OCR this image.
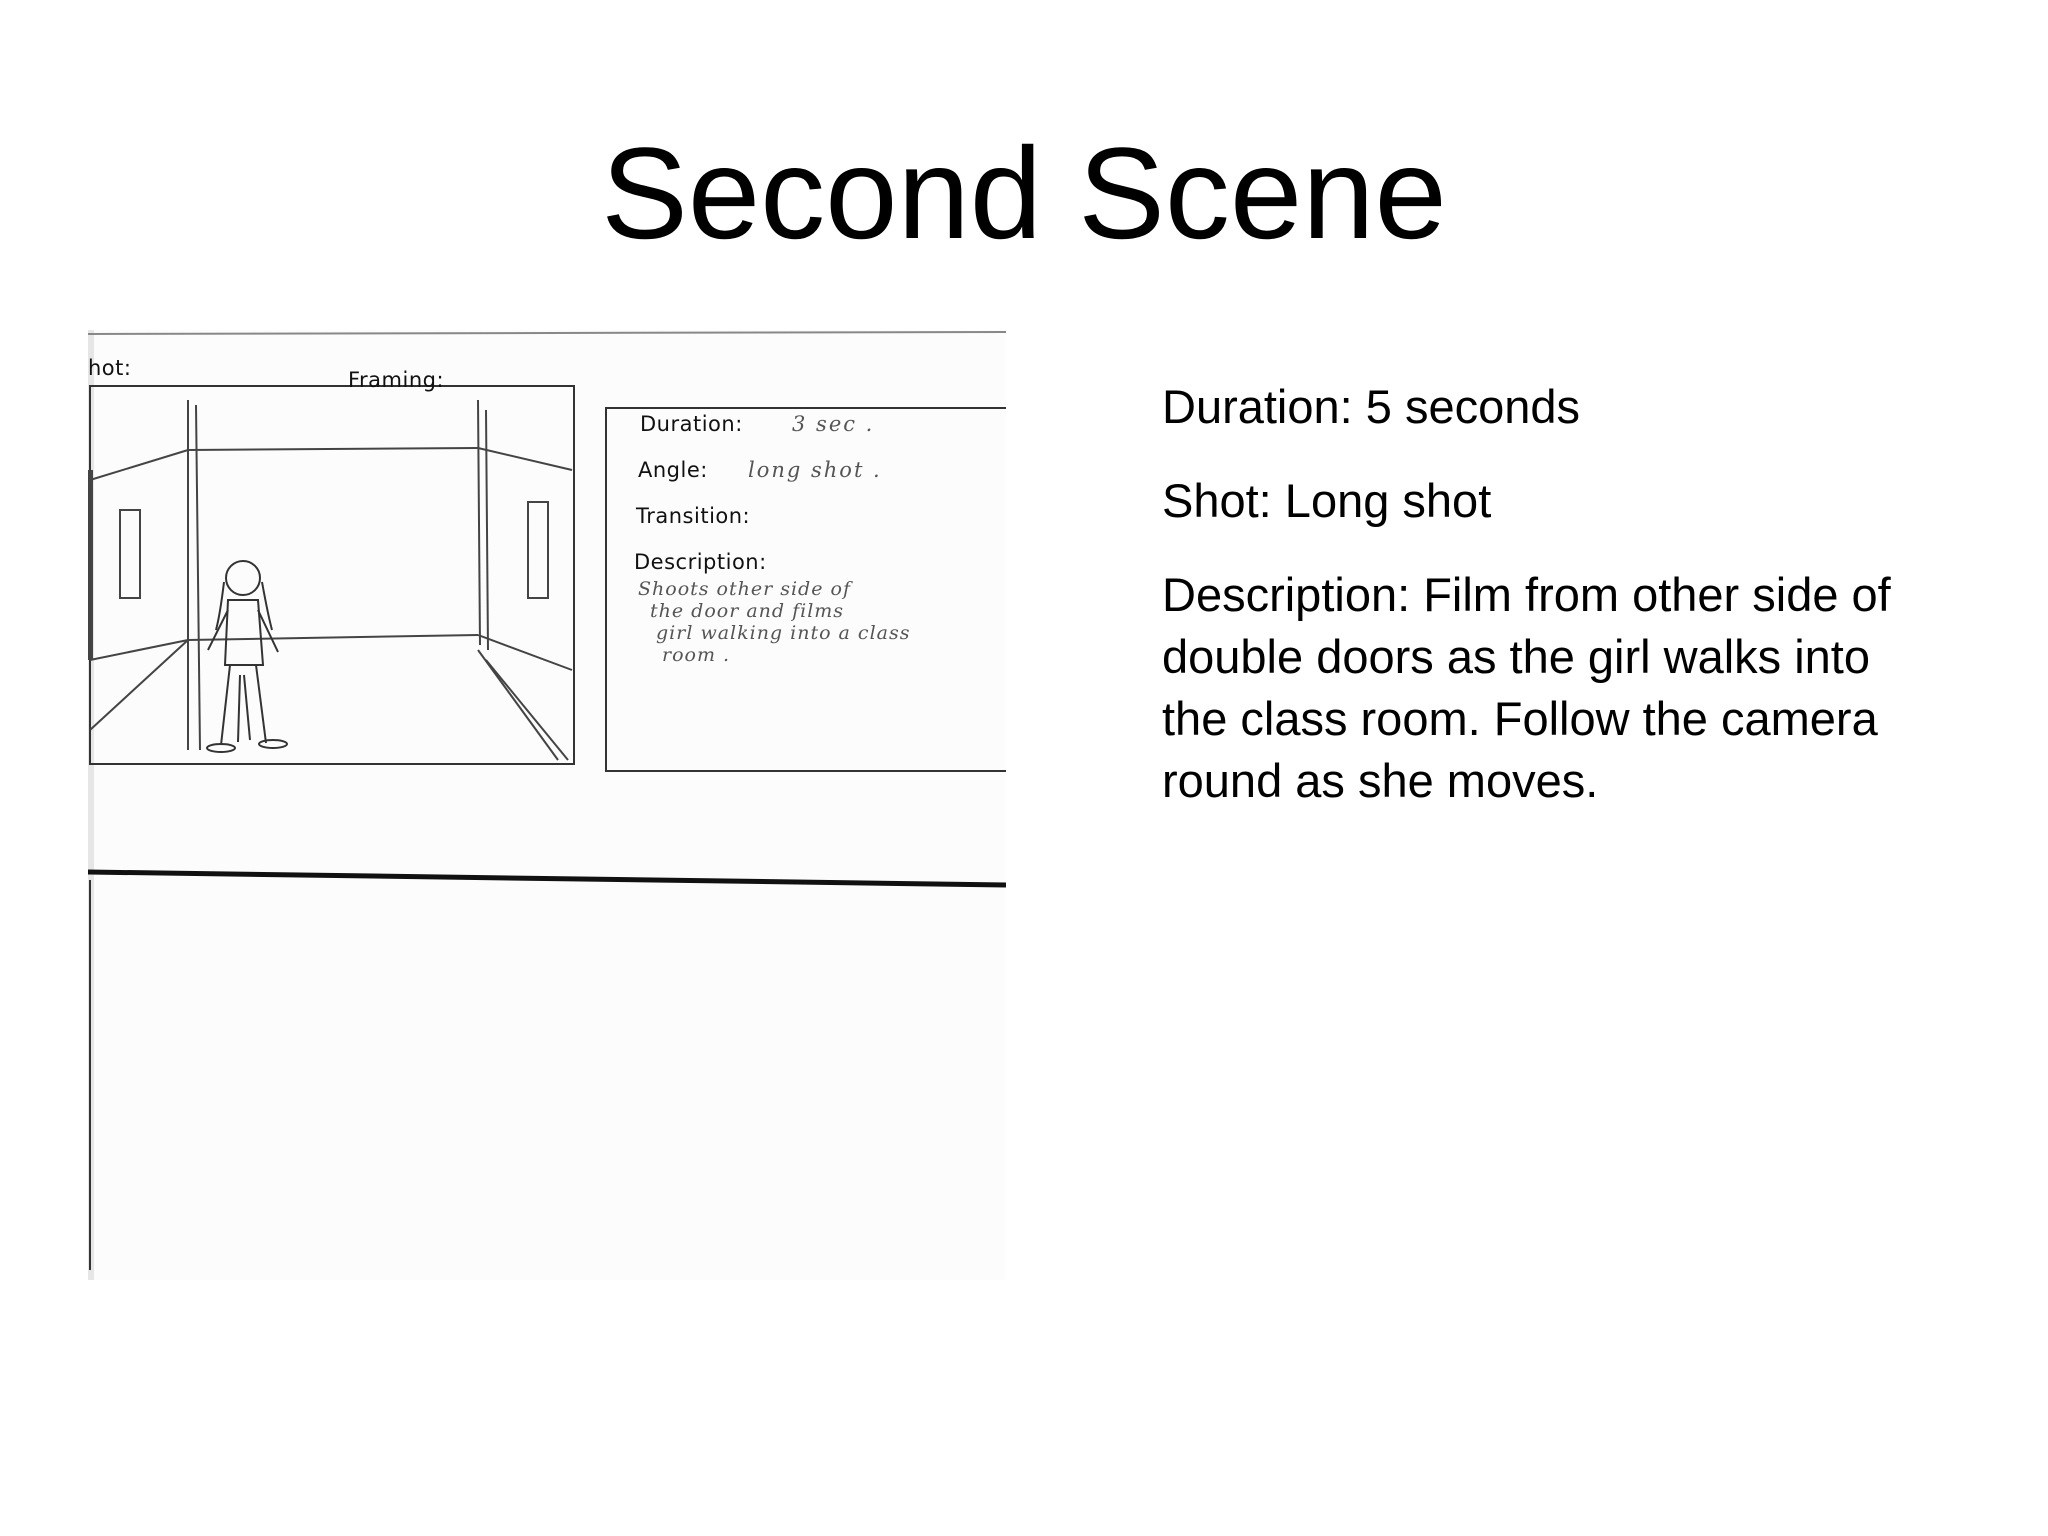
Second Scene
hot:	Framing:
Duration: 3 sec .
Angle: long shot .
Transition:
Description:
Shoots other side of
the door and films
girl walking into a class
room .

Duration: 5 seconds

Shot: Long shot

Description: Film from other side of double doors as the girl walks into the class room. Follow the camera round as she moves.
